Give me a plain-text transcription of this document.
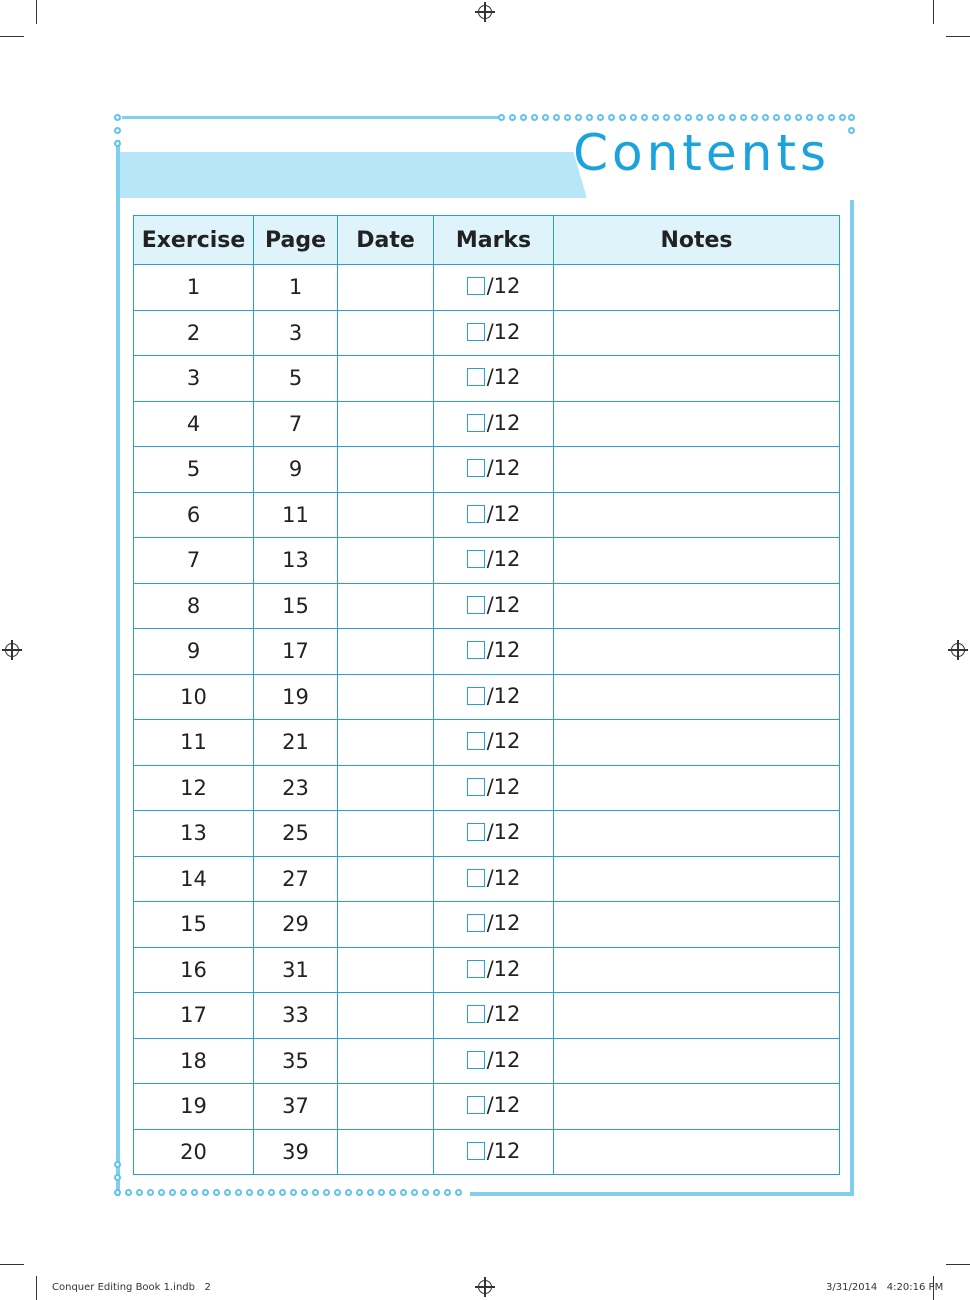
Contents
Exercise	Page	Date	Marks	Notes
1	1		/12	

2	3		/12	

3	5		/12	

4	7		/12	

5	9		/12	

6	11		/12	

7	13		/12	

8	15		/12	

9	17		/12	

10	19		/12	

11	21		/12	

12	23		/12	

13	25		/12	

14	27		/12	

15	29		/12	

16	31		/12	

17	33		/12	

18	35		/12	

19	37		/12	

20	39		/12	

Conquer Editing Book 1.indb   2	3/31/2014   4:20:16 PM
